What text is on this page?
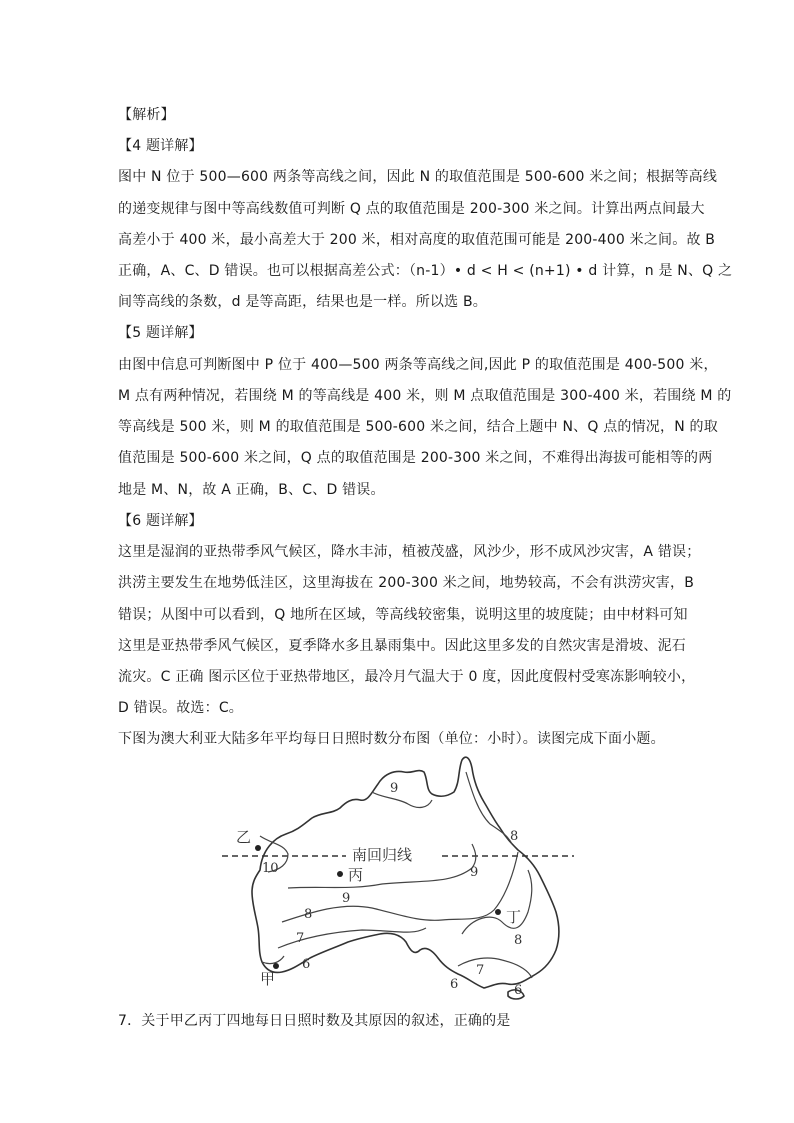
【解析】
【4 题详解】
图中 N 位于 500—600 两条等高线之间，因此 N 的取值范围是 500-600 米之间；根据等高线
的递变规律与图中等高线数值可判断 Q 点的取值范围是 200-300 米之间。计算出两点间最大
高差小于 400 米，最小高差大于 200 米，相对高度的取值范围可能是 200-400 米之间。故 B
正确，A、C、D 错误。也可以根据高差公式：（n-1）• d < H < (n+1) • d 计算，n 是 N、Q 之
间等高线的条数，d 是等高距，结果也是一样。所以选 B。
【5 题详解】
由图中信息可判断图中 P 位于 400—500 两条等高线之间,因此 P 的取值范围是 400-500 米，
M 点有两种情况，若围绕 M 的等高线是 400 米，则 M 点取值范围是 300-400 米，若围绕 M 的
等高线是 500 米，则 M 的取值范围是 500-600 米之间，结合上题中 N、Q 点的情况，N 的取
值范围是 500-600 米之间，Q 点的取值范围是 200-300 米之间，不难得出海拔可能相等的两
地是 M、N，故 A 正确，B、C、D 错误。
【6 题详解】
这里是湿润的亚热带季风气候区，降水丰沛，植被茂盛，风沙少，形不成风沙灾害，A 错误；
洪涝主要发生在地势低洼区，这里海拔在 200-300 米之间，地势较高，不会有洪涝灾害，B
错误；从图中可以看到，Q 地所在区域，等高线较密集，说明这里的坡度陡；由中材料可知
这里是亚热带季风气候区，夏季降水多且暴雨集中。因此这里多发的自然灾害是滑坡、泥石
流灾。C 正确 图示区位于亚热带地区，最冷月气温大于 0 度，因此度假村受寒冻影响较小，
D 错误。故选：C。
下图为澳大利亚大陆多年平均每日日照时数分布图（单位：小时）。读图完成下面小题。
南回归线
9
8
10
9
9
8
7
6
8
7
6	6
乙
丙
丁
甲
7．关于甲乙丙丁四地每日日照时数及其原因的叙述，正确的是
